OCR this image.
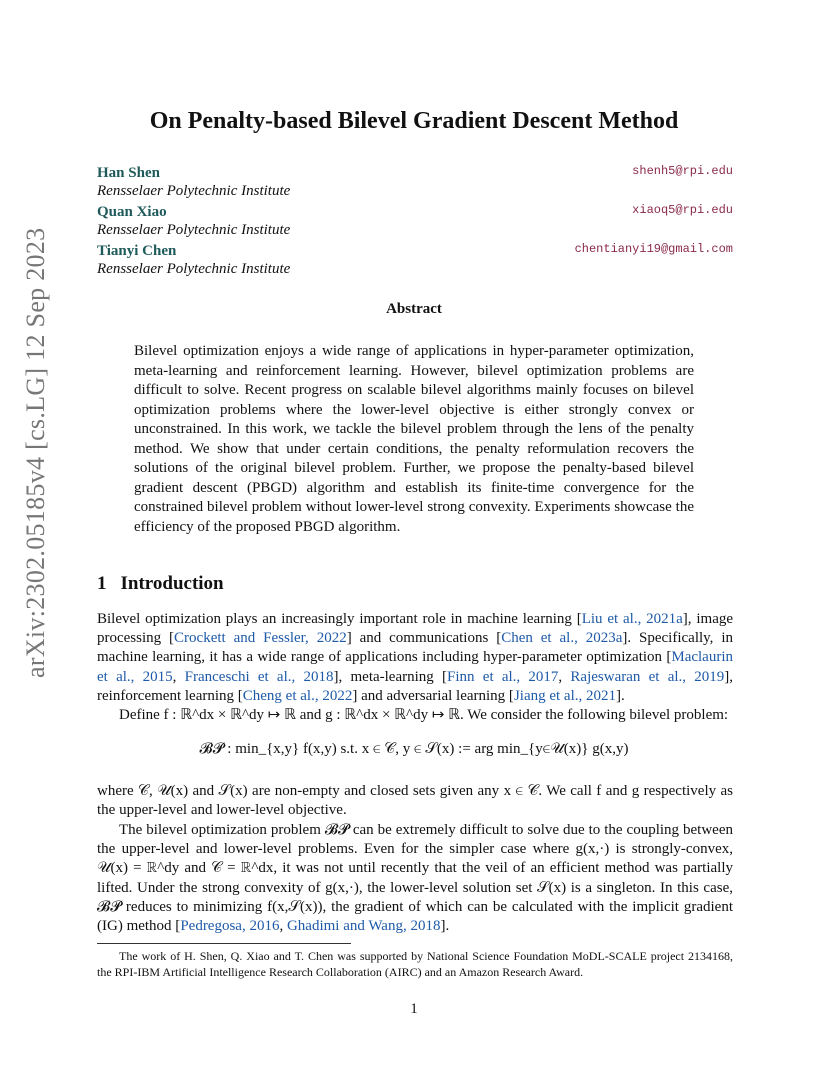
arXiv:2302.05185v4 [cs.LG] 12 Sep 2023
On Penalty-based Bilevel Gradient Descent Method
Han Shen	shenh5@rpi.edu
Rensselaer Polytechnic Institute
Quan Xiao	xiaoq5@rpi.edu
Rensselaer Polytechnic Institute
Tianyi Chen	chentianyi19@gmail.com
Rensselaer Polytechnic Institute
Abstract
Bilevel optimization enjoys a wide range of applications in hyper-parameter optimization, meta-learning and reinforcement learning. However, bilevel optimization problems are difficult to solve. Recent progress on scalable bilevel algorithms mainly focuses on bilevel optimization problems where the lower-level objective is either strongly convex or unconstrained. In this work, we tackle the bilevel problem through the lens of the penalty method. We show that under certain conditions, the penalty reformulation recovers the solutions of the original bilevel problem. Further, we propose the penalty-based bilevel gradient descent (PBGD) algorithm and establish its finite-time convergence for the constrained bilevel problem without lower-level strong convexity. Experiments showcase the efficiency of the proposed PBGD algorithm.
1 Introduction
Bilevel optimization plays an increasingly important role in machine learning [Liu et al., 2021a], image processing [Crockett and Fessler, 2022] and communications [Chen et al., 2023a]. Specifically, in machine learning, it has a wide range of applications including hyper-parameter optimization [Maclaurin et al., 2015, Franceschi et al., 2018], meta-learning [Finn et al., 2017, Rajeswaran et al., 2019], reinforcement learning [Cheng et al., 2022] and adversarial learning [Jiang et al., 2021].
Define f : ℝ^dx × ℝ^dy ↦ ℝ and g : ℝ^dx × ℝ^dy ↦ ℝ. We consider the following bilevel problem:
𝓑𝓟 : min_{x,y} f(x,y) s.t. x ∈ 𝒞, y ∈ 𝒮(x) := arg min_{y∈𝒰(x)} g(x,y)
where 𝒞, 𝒰(x) and 𝒮(x) are non-empty and closed sets given any x ∈ 𝒞. We call f and g respectively as the upper-level and lower-level objective.
The bilevel optimization problem 𝓑𝓟 can be extremely difficult to solve due to the coupling between the upper-level and lower-level problems. Even for the simpler case where g(x,·) is strongly-convex, 𝒰(x) = ℝ^dy and 𝒞 = ℝ^dx, it was not until recently that the veil of an efficient method was partially lifted. Under the strong convexity of g(x,·), the lower-level solution set 𝒮(x) is a singleton. In this case, 𝓑𝓟 reduces to minimizing f(x,𝒮(x)), the gradient of which can be calculated with the implicit gradient (IG) method [Pedregosa, 2016, Ghadimi and Wang, 2018].
The work of H. Shen, Q. Xiao and T. Chen was supported by National Science Foundation MoDL-SCALE project 2134168, the RPI-IBM Artificial Intelligence Research Collaboration (AIRC) and an Amazon Research Award.
1
